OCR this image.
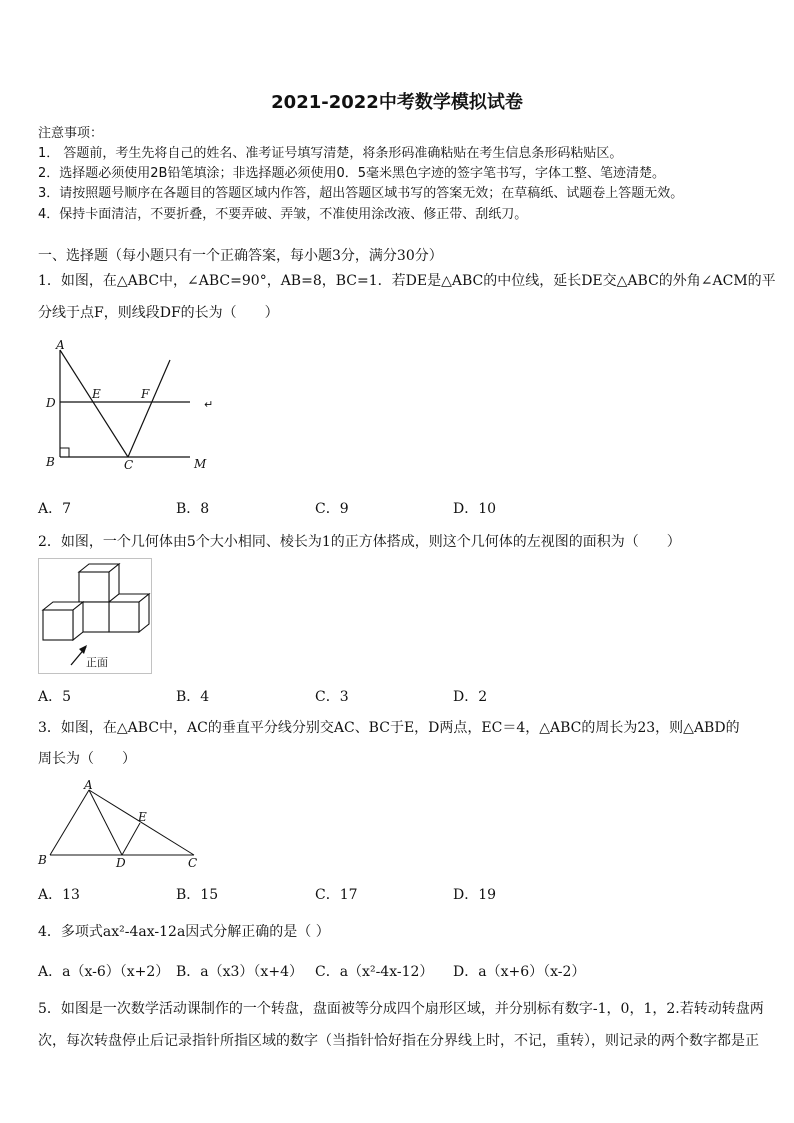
2021-2022中考数学模拟试卷
注意事项：
1． 答题前，考生先将自己的姓名、准考证号填写清楚，将条形码准确粘贴在考生信息条形码粘贴区。
2．选择题必须使用2B铅笔填涂；非选择题必须使用0．5毫米黑色字迹的签字笔书写，字体工整、笔迹清楚。
3．请按照题号顺序在各题目的答题区域内作答，超出答题区域书写的答案无效；在草稿纸、试题卷上答题无效。
4．保持卡面清洁，不要折叠，不要弄破、弄皱，不准使用涂改液、修正带、刮纸刀。
一、选择题（每小题只有一个正确答案，每小题3分，满分30分）
1．如图，在△ABC中，∠ABC=90°，AB=8，BC=1．若DE是△ABC的中位线，延长DE交△ABC的外角∠ACM的平
分线于点F，则线段DF的长为（　　）
A
D
B
E	F
C	M
↵
A．7	B．8	C．9	D．10
2．如图，一个几何体由5个大小相同、棱长为1的正方体搭成，则这个几何体的左视图的面积为（　　）
正面
A．5	B．4	C．3	D．2
3．如图，在△ABC中，AC的垂直平分线分别交AC、BC于E，D两点，EC＝4，△ABC的周长为23，则△ABD的
周长为（　　）
A
E
B	D	C
A．13	B．15	C．17	D．19
4．多项式ax²-4ax-12a因式分解正确的是（ ）
A．a（x-6）（x+2） B．a（x3）（x+4） C．a（x²-4x-12） D．a（x+6）（x-2）
5．如图是一次数学活动课制作的一个转盘，盘面被等分成四个扇形区域，并分别标有数字-1，0，1，2.若转动转盘两
次，每次转盘停止后记录指针所指区域的数字（当指针恰好指在分界线上时，不记，重转），则记录的两个数字都是正
